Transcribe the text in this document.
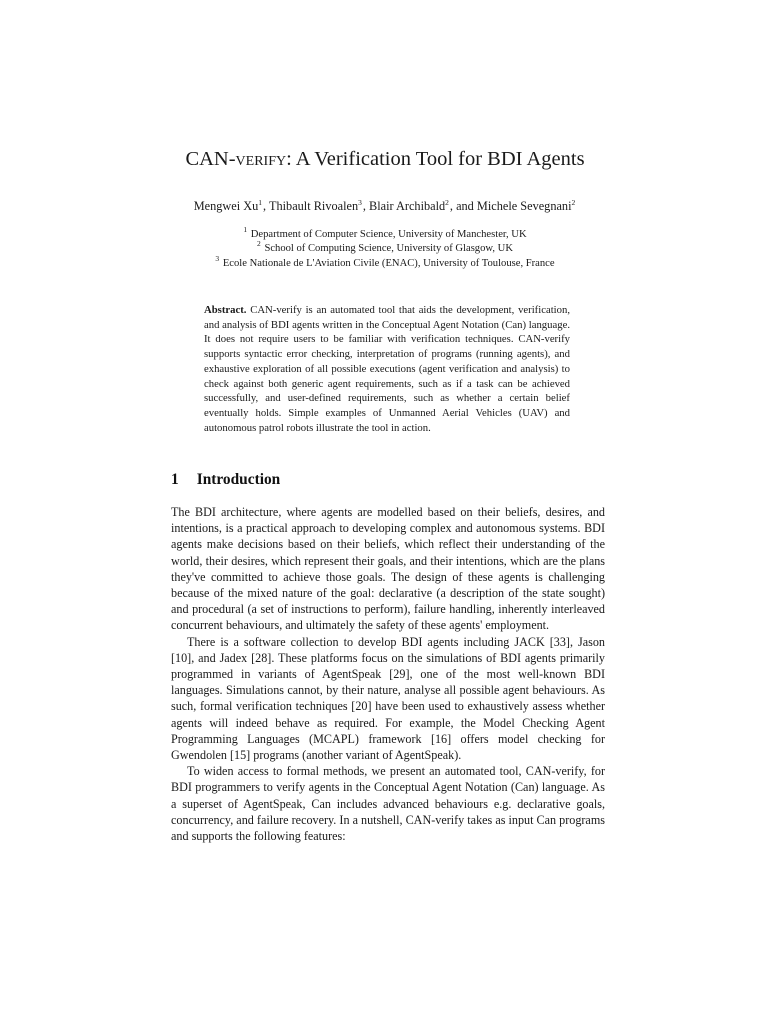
CAN-verify: A Verification Tool for BDI Agents
Mengwei Xu$^1$, Thibault Rivoalen$^3$, Blair Archibald$^2$, and Michele Sevegnani$^2$
$^1$ Department of Computer Science, University of Manchester, UK
$^2$ School of Computing Science, University of Glasgow, UK
$^3$ Ecole Nationale de L'Aviation Civile (ENAC), University of Toulouse, France
Abstract. CAN-verify is an automated tool that aids the development, verification, and analysis of BDI agents written in the Conceptual Agent Notation (Can) language. It does not require users to be familiar with verification techniques. CAN-verify supports syntactic error checking, interpretation of programs (running agents), and exhaustive exploration of all possible executions (agent verification and analysis) to check against both generic agent requirements, such as if a task can be achieved successfully, and user-defined requirements, such as whether a certain belief eventually holds. Simple examples of Unmanned Aerial Vehicles (UAV) and autonomous patrol robots illustrate the tool in action.
1 Introduction

The BDI architecture, where agents are modelled based on their beliefs, desires, and intentions, is a practical approach to developing complex and autonomous systems. BDI agents make decisions based on their beliefs, which reflect their understanding of the world, their desires, which represent their goals, and their intentions, which are the plans they've committed to achieve those goals. The design of these agents is challenging because of the mixed nature of the goal: declarative (a description of the state sought) and procedural (a set of instructions to perform), failure handling, inherently interleaved concurrent behaviours, and ultimately the safety of these agents' employment.

There is a software collection to develop BDI agents including JACK [33], Jason [10], and Jadex [28]. These platforms focus on the simulations of BDI agents primarily programmed in variants of AgentSpeak [29], one of the most well-known BDI languages. Simulations cannot, by their nature, analyse all possible agent behaviours. As such, formal verification techniques [20] have been used to exhaustively assess whether agents will indeed behave as required. For example, the Model Checking Agent Programming Languages (MCAPL) framework [16] offers model checking for Gwendolen [15] programs (another variant of AgentSpeak).

To widen access to formal methods, we present an automated tool, CAN-verify, for BDI programmers to verify agents in the Conceptual Agent Notation (Can) language. As a superset of AgentSpeak, Can includes advanced behaviours e.g. declarative goals, concurrency, and failure recovery. In a nutshell, CAN-verify takes as input Can programs and supports the following features:
